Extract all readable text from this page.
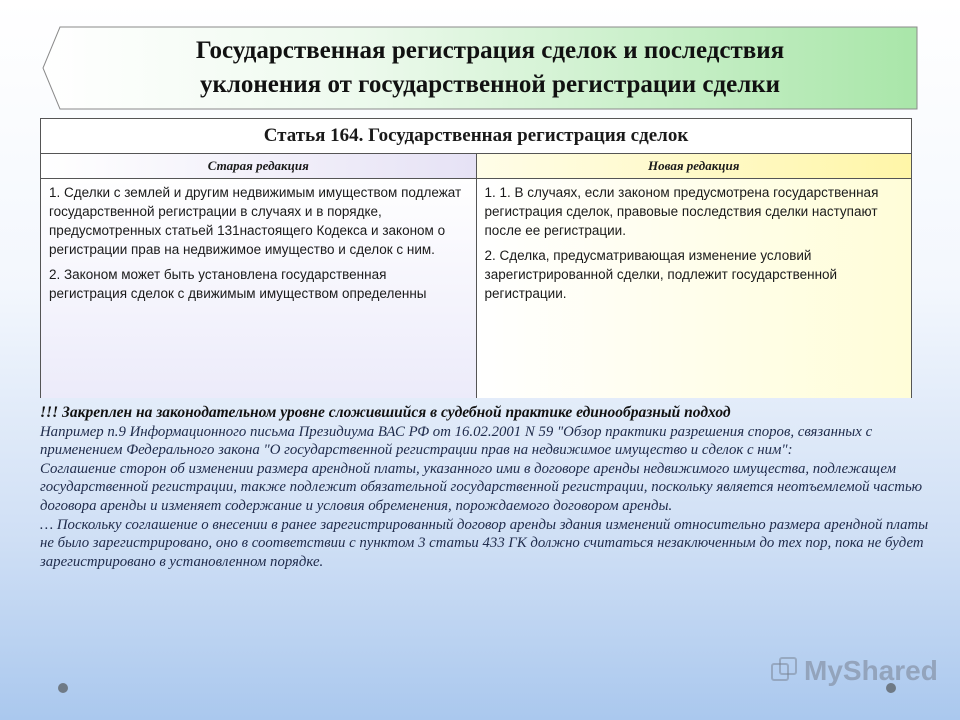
Государственная регистрация сделок и последствия
уклонения от государственной регистрации сделки
Статья 164. Государственная регистрация сделок
Старая редакция	Новая редакция

1. Сделки с землей и другим недвижимым имуществом подлежат государственной регистрации в случаях и в порядке, предусмотренных статьей 131настоящего Кодекса и законом о регистрации прав на недвижимое имущество и сделок с ним.

2. Законом может быть установлена государственная регистрация сделок с движимым имуществом определенны

1. 1. В случаях, если законом предусмотрена государственная регистрация сделок, правовые последствия сделки наступают после ее регистрации.

2. Сделка, предусматривающая изменение условий зарегистрированной сделки, подлежит государственной регистрации.

!!! Закреплен на законодательном уровне сложившийся в судебной практике единообразный подход

Например п.9 Информационного письма Президиума ВАС РФ от 16.02.2001 N 59 "Обзор практики разрешения споров, связанных с применением Федерального закона "О государственной регистрации прав на недвижимое имущество и сделок с ним":

Соглашение сторон об изменении размера арендной платы, указанного ими в договоре аренды недвижимого имущества, подлежащем государственной регистрации, также подлежит обязательной государственной регистрации, поскольку является неотъемлемой частью договора аренды и изменяет содержание и условия обременения, порождаемого договором аренды.

… Поскольку соглашение о внесении в ранее зарегистрированный договор аренды здания изменений относительно размера арендной платы не было зарегистрировано, оно в соответствии с пунктом 3 статьи 433 ГК должно считаться незаключенным до тех пор, пока не будет зарегистрировано в установленном порядке.

MyShared
